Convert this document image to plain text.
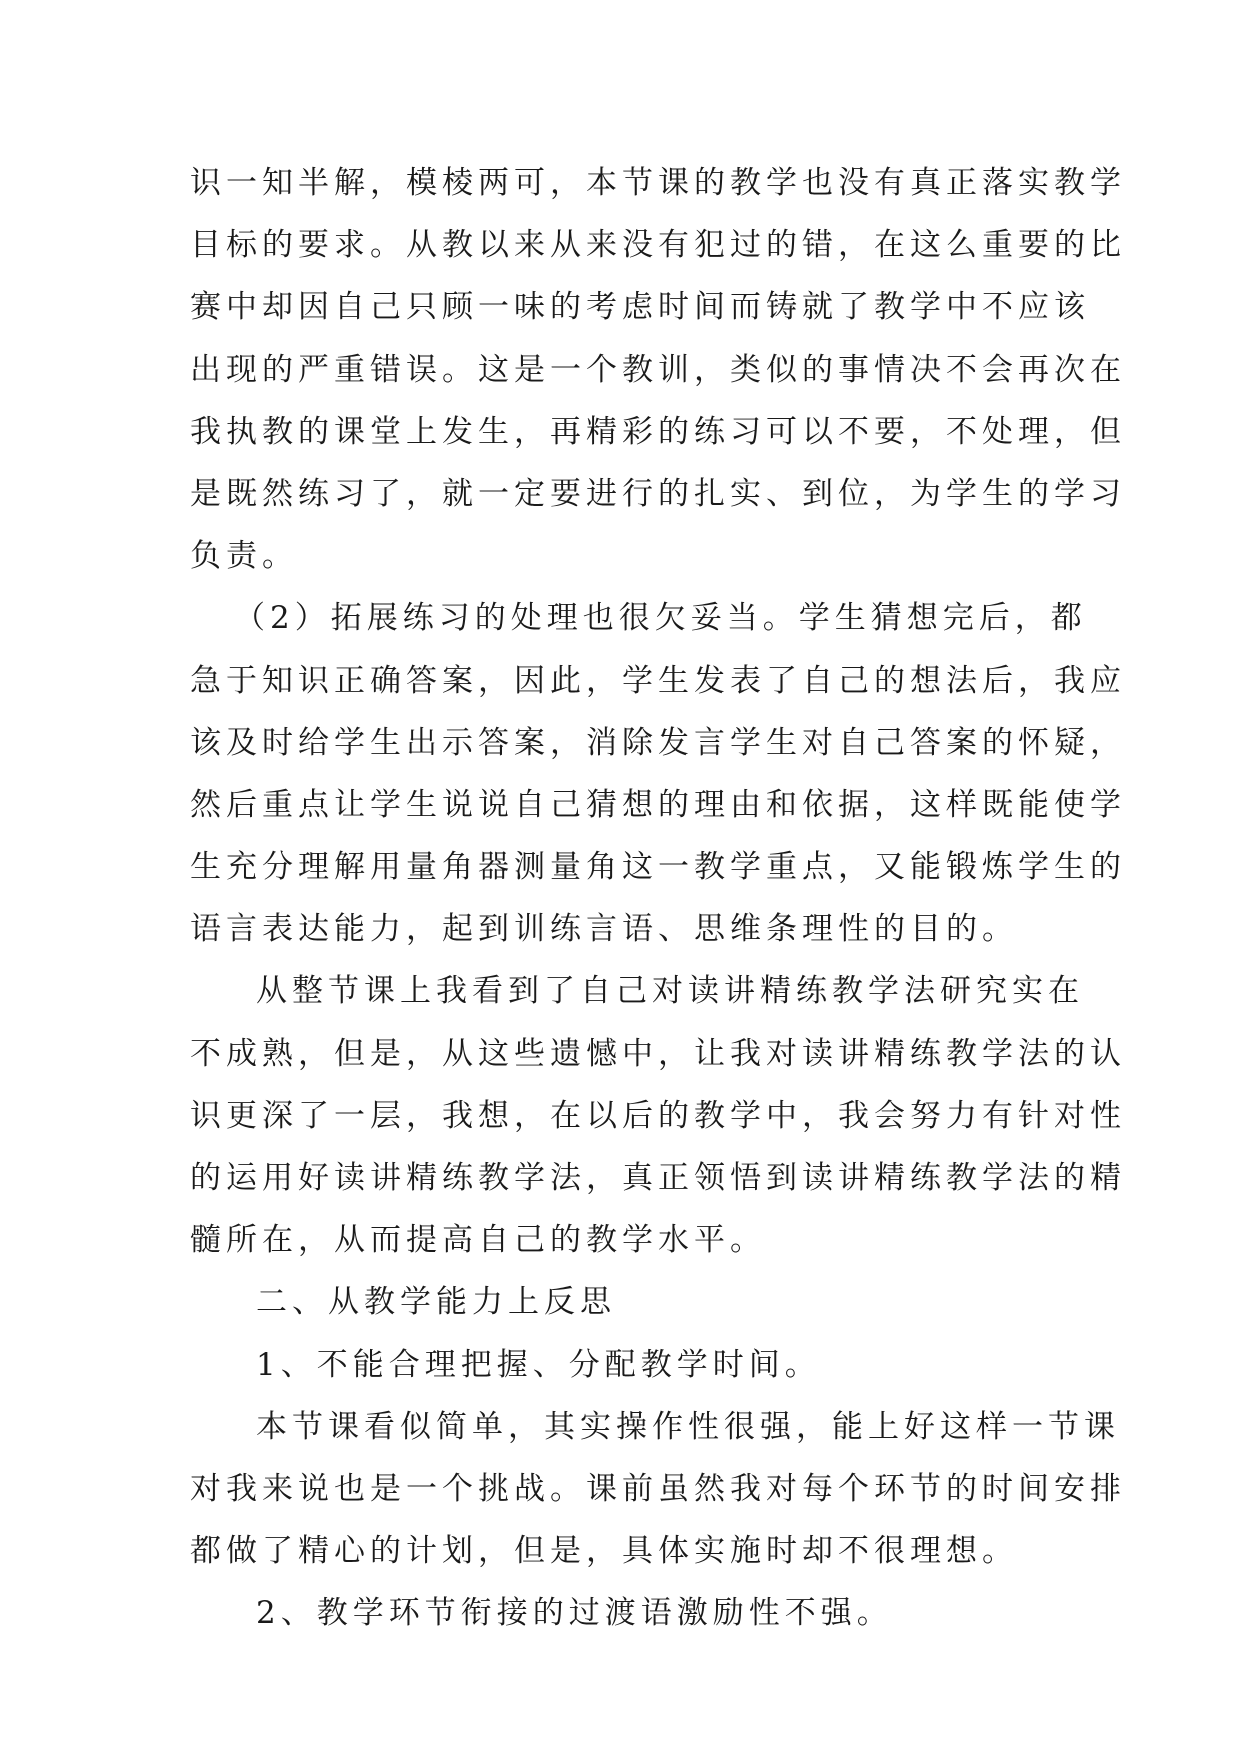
识一知半解，模棱两可，本节课的教学也没有真正落实教学
目标的要求。从教以来从来没有犯过的错，在这么重要的比
赛中却因自己只顾一味的考虑时间而铸就了教学中不应该
出现的严重错误。这是一个教训，类似的事情决不会再次在
我执教的课堂上发生，再精彩的练习可以不要，不处理，但
是既然练习了，就一定要进行的扎实、到位，为学生的学习
负责。
（2）拓展练习的处理也很欠妥当。学生猜想完后，都
急于知识正确答案，因此，学生发表了自己的想法后，我应
该及时给学生出示答案，消除发言学生对自己答案的怀疑，
然后重点让学生说说自己猜想的理由和依据，这样既能使学
生充分理解用量角器测量角这一教学重点，又能锻炼学生的
语言表达能力，起到训练言语、思维条理性的目的。
从整节课上我看到了自己对读讲精练教学法研究实在
不成熟，但是，从这些遗憾中，让我对读讲精练教学法的认
识更深了一层，我想，在以后的教学中，我会努力有针对性
的运用好读讲精练教学法，真正领悟到读讲精练教学法的精
髓所在，从而提高自己的教学水平。
二、从教学能力上反思
1、不能合理把握、分配教学时间。
本节课看似简单，其实操作性很强，能上好这样一节课
对我来说也是一个挑战。课前虽然我对每个环节的时间安排
都做了精心的计划，但是，具体实施时却不很理想。
2、教学环节衔接的过渡语激励性不强。
